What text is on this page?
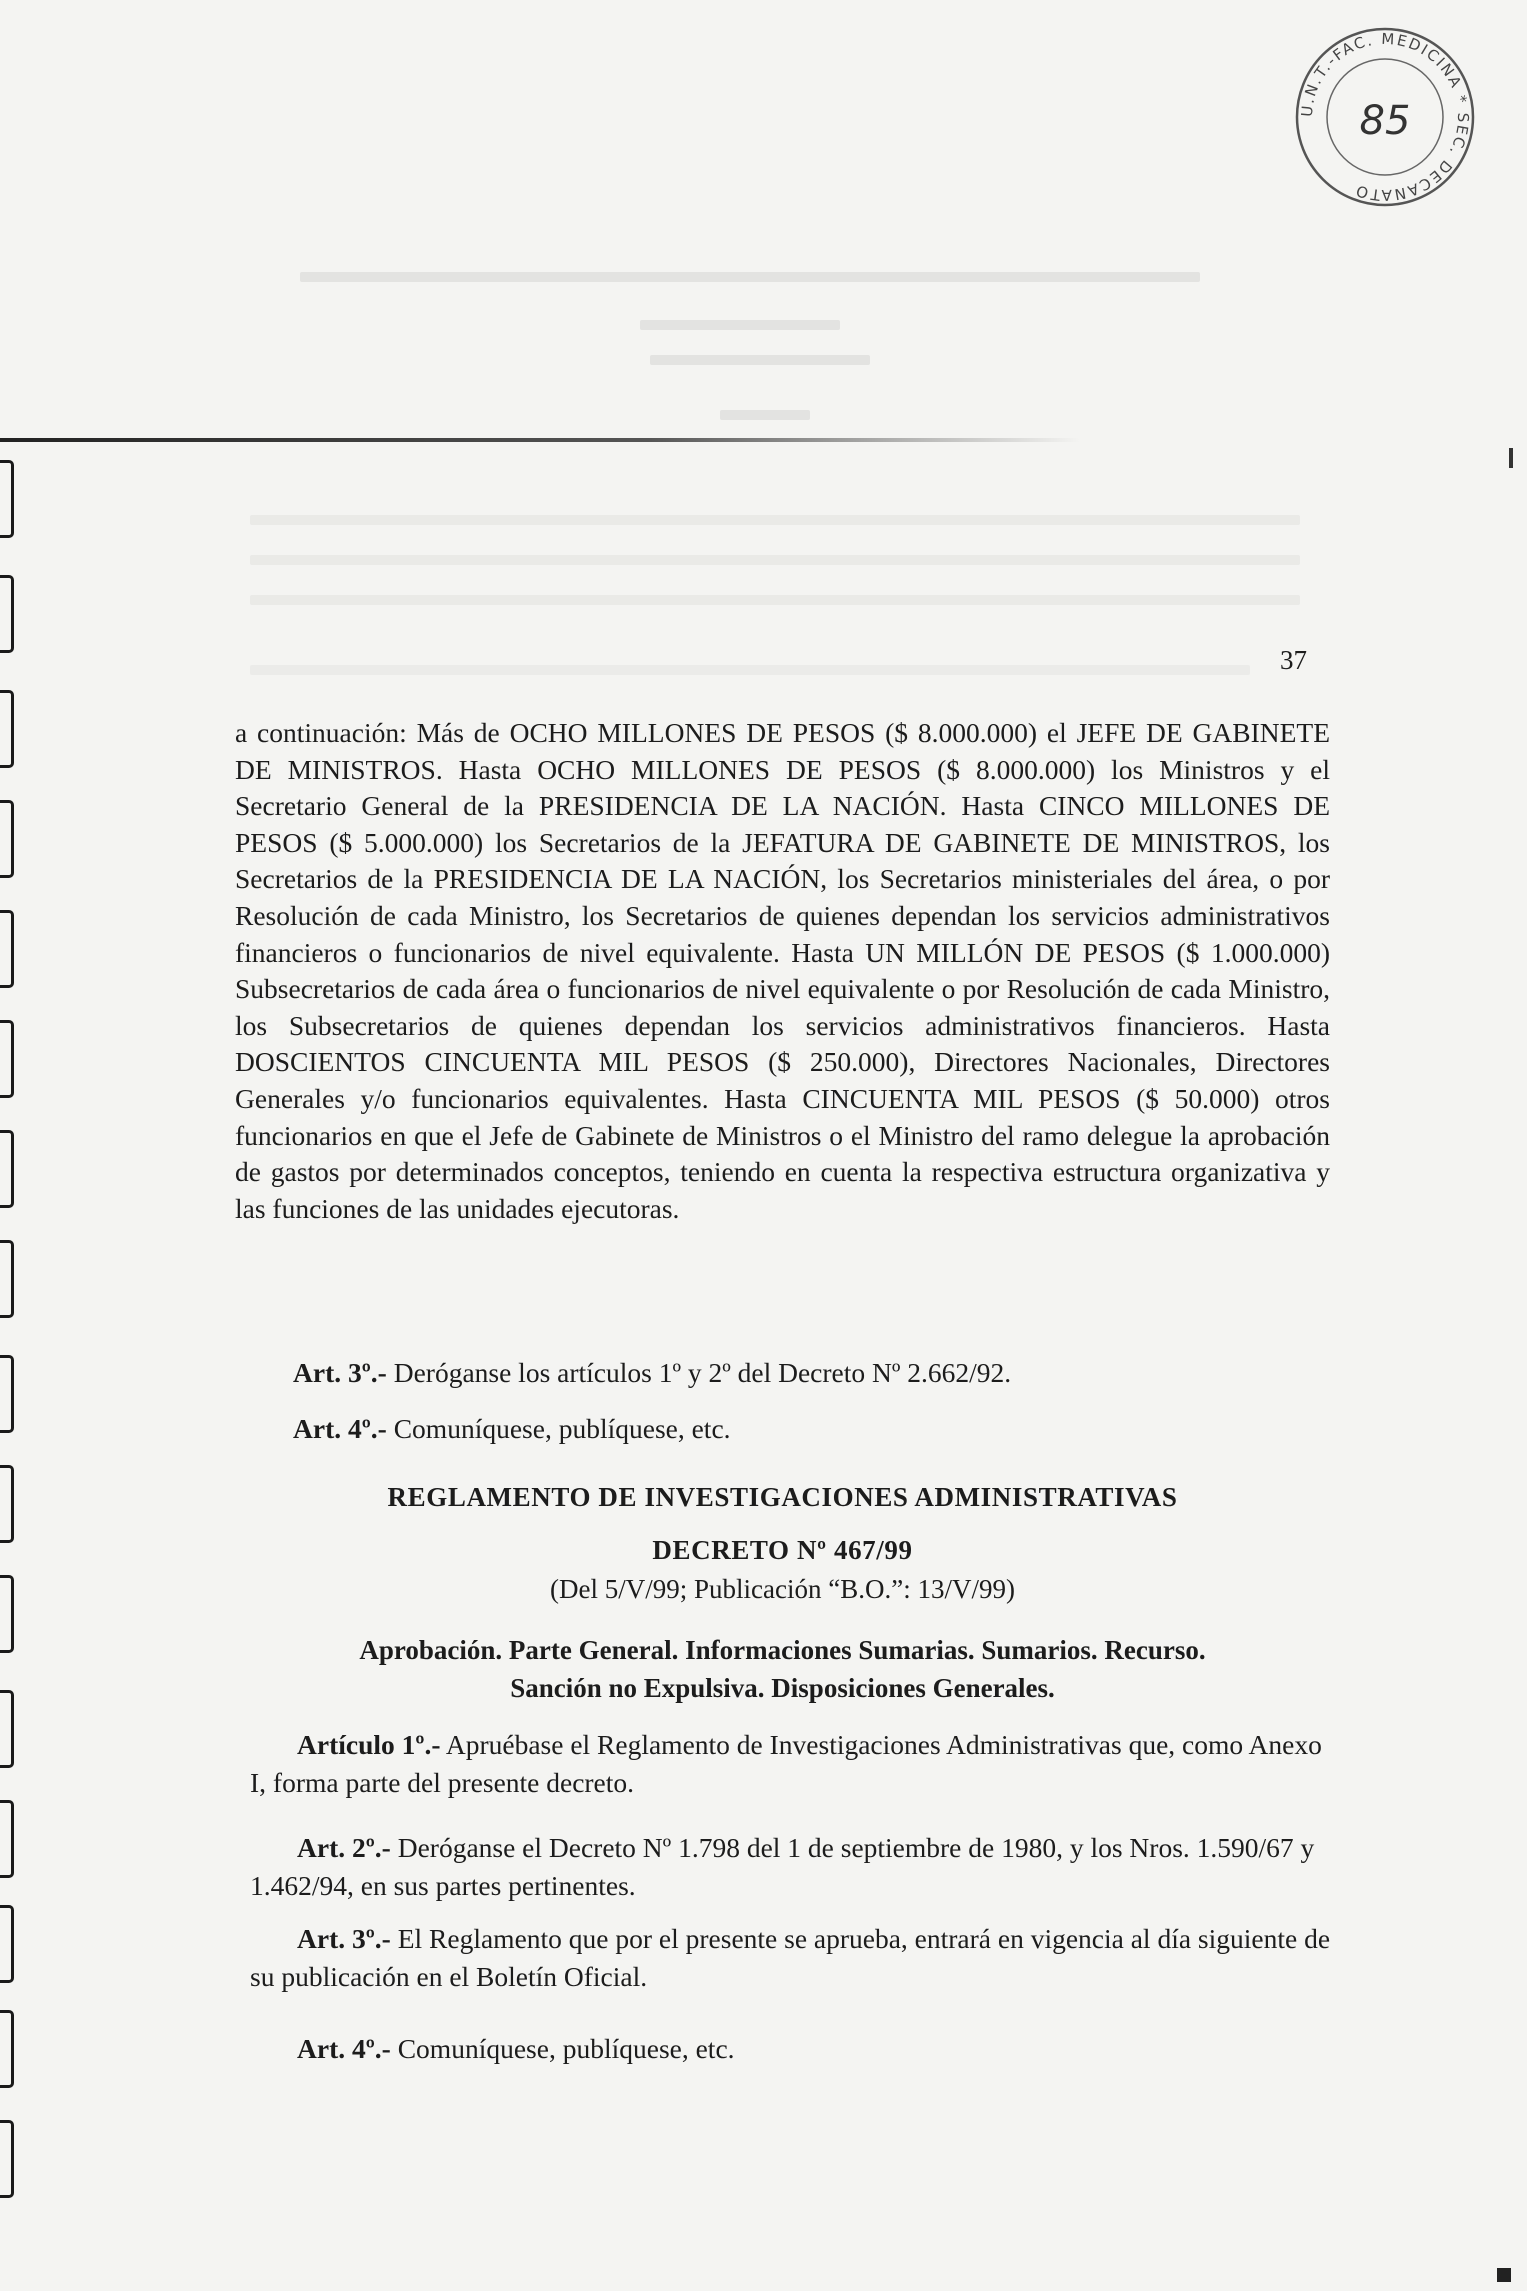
U.N.T.-FAC. MEDICINA * SEC. DECANATO
85
37

a continuación: Más de OCHO MILLONES DE PESOS ($ 8.000.000) el JEFE DE GABINETE DE MINISTROS. Hasta OCHO MILLONES DE PESOS ($ 8.000.000) los Ministros y el Secretario General de la PRESIDENCIA DE LA NACIÓN. Hasta CINCO MILLONES DE PESOS ($ 5.000.000) los Secretarios de la JEFATURA DE GABINETE DE MINISTROS, los Secretarios de la PRESIDENCIA DE LA NACIÓN, los Secretarios ministeriales del área, o por Resolución de cada Ministro, los Secretarios de quienes dependan los servicios administrativos financieros o funcionarios de nivel equivalente. Hasta UN MILLÓN DE PESOS ($ 1.000.000) Subsecretarios de cada área o funcionarios de nivel equivalente o por Resolución de cada Ministro, los Subsecretarios de quienes dependan los servicios administrativos financieros. Hasta DOSCIENTOS CINCUENTA MIL PESOS ($ 250.000), Directores Nacionales, Directores Generales y/o funcionarios equivalentes. Hasta CINCUENTA MIL PESOS ($ 50.000) otros funcionarios en que el Jefe de Gabinete de Ministros o el Ministro del ramo delegue la aprobación de gastos por determinados conceptos, teniendo en cuenta la respectiva estructura organizativa y las funciones de las unidades ejecutoras.

Art. 3º.- Deróganse los artículos 1º y 2º del Decreto Nº 2.662/92.
Art. 4º.- Comuníquese, publíquese, etc.
REGLAMENTO DE INVESTIGACIONES ADMINISTRATIVAS
DECRETO Nº 467/99
(Del 5/V/99; Publicación “B.O.”: 13/V/99)
Aprobación. Parte General. Informaciones Sumarias. Sumarios. Recurso.
Sanción no Expulsiva. Disposiciones Generales.
Artículo 1º.- Apruébase el Reglamento de Investigaciones Administrativas que, como Anexo I, forma parte del presente decreto.
Art. 2º.- Deróganse el Decreto Nº 1.798 del 1 de septiembre de 1980, y los Nros. 1.590/67 y 1.462/94, en sus partes pertinentes.
Art. 3º.- El Reglamento que por el presente se aprueba, entrará en vigencia al día siguiente de su publicación en el Boletín Oficial.
Art. 4º.- Comuníquese, publíquese, etc.
